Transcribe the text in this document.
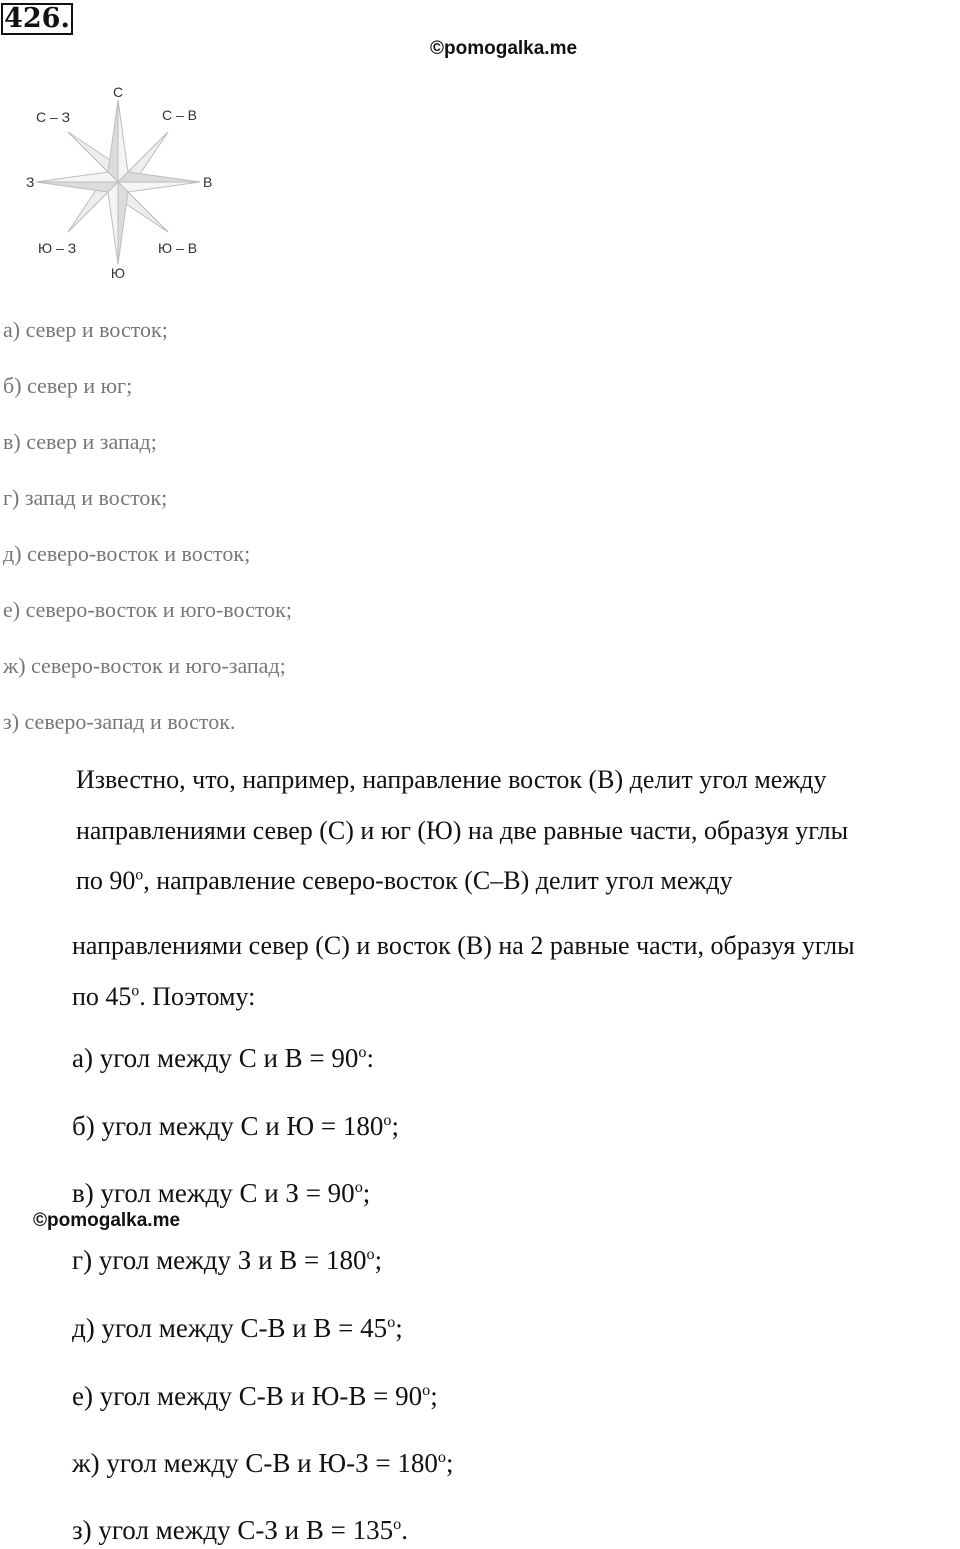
426.
©pomogalka.me
С
С – В
В
Ю – В
Ю
Ю – З
З
С – З
а) север и восток;
б) север и юг;
в) север и запад;
г) запад и восток;
д) северо-восток и восток;
е) северо-восток и юго-восток;
ж) северо-восток и юго-запад;
з) северо-запад и восток.
Известно, что, например, направление восток (В) делит угол между
направлениями север (С) и юг (Ю) на две равные части, образуя углы
по $90^о$, направление северо-восток (С–В) делит угол между
направлениями север (С) и восток (В) на 2 равные части, образуя углы
по $45^о$. Поэтому:
а) угол между С и $В = 90^о$:
б) угол между С и $Ю = 180^о$;
в) угол между С и $З = 90^о$;
©pomogalka.me
г) угол между З и $В = 180^о$;
д) угол между С-В и $В = 45^о$;
е) угол между С-В и $Ю-В = 90^о$;
ж) угол между С-В и $Ю-З = 180^о$;
з) угол между С-З и $В = 135^о$.
